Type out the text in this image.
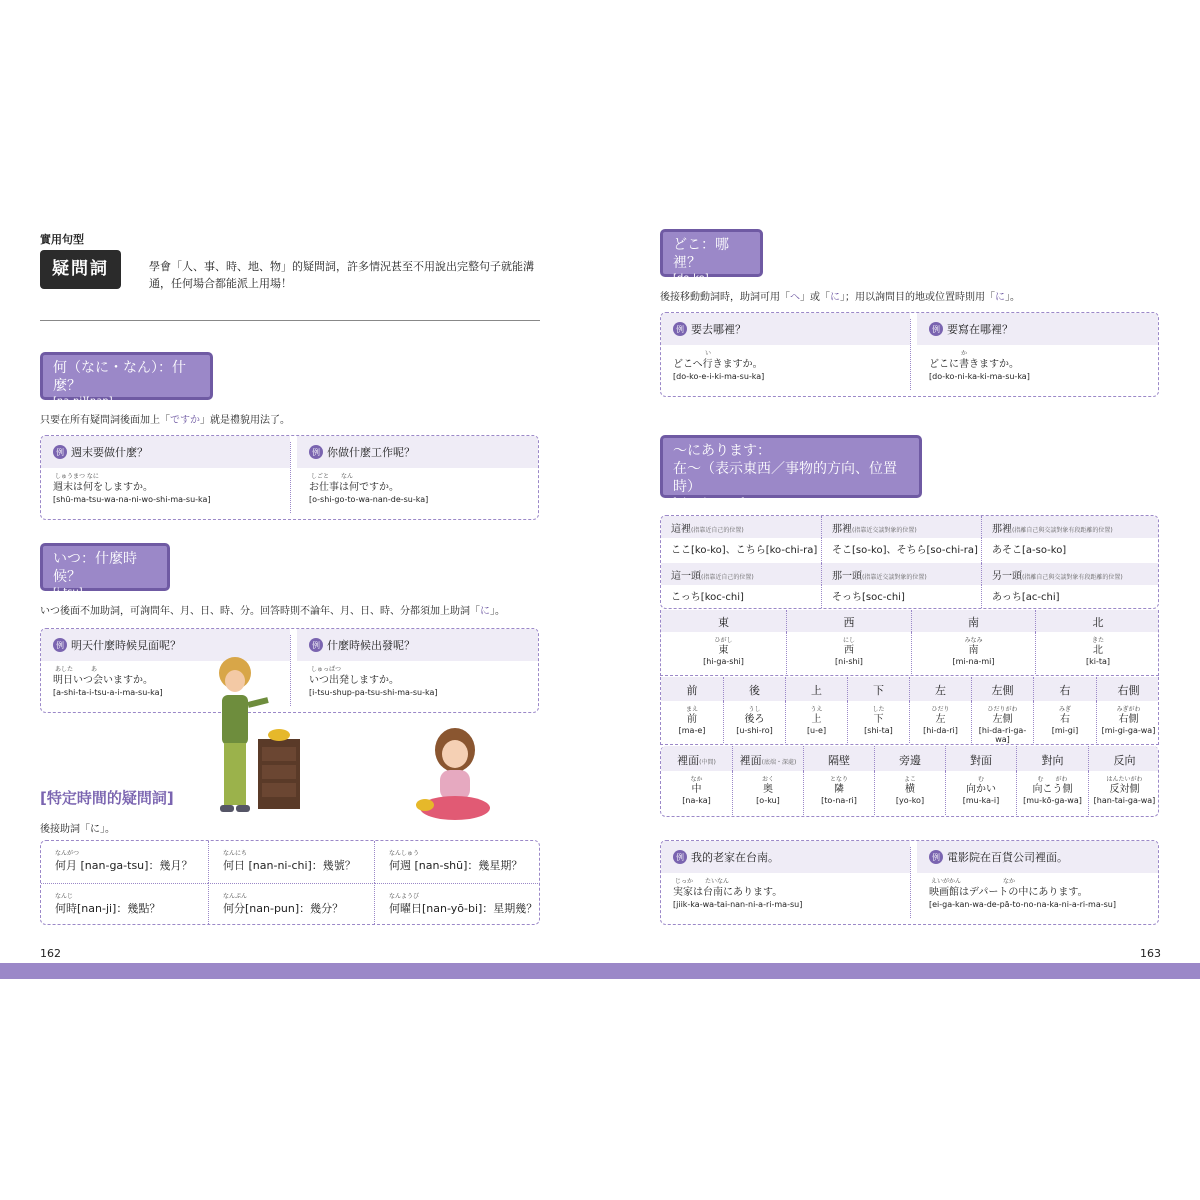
實用句型
疑問詞	學會「人、事、時、地、物」的疑問詞，許多情況甚至不用說出完整句子就能溝通，任何場合都能派上用場！
何（なに・なん）：什麼？
[na-ni][nan]
只要在所有疑問詞後面加上「ですか」就是禮貌用法了。
例 週末要做什麼？
しゅうまつ なに
週末は何をしますか。
[shū-ma-tsu-wa-na-ni-wo-shi-ma-su-ka]
例 你做什麼工作呢？
しごと　　なん
お仕事は何ですか。
[o-shi-go-to-wa-nan-de-su-ka]
いつ：什麼時候？
[i-tsu]
いつ後面不加助詞，可詢問年、月、日、時、分。回答時則不論年、月、日、時、分都須加上助詞「に」。
例 明天什麼時候見面呢？
あした　　　あ
明日いつ会いますか。
[a-shi-ta-i-tsu-a-i-ma-su-ka]
例 什麼時候出發呢？
しゅっぱつ
いつ出発しますか。
[i-tsu-shup-pa-tsu-shi-ma-su-ka]
[特定時間的疑問詞]
後接助詞「に」。
なんがつ
何月 [nan-ga-tsu]：幾月？
なんにち
何日 [nan-ni-chi]：幾號？
なんしゅう
何週 [nan-shū]：幾星期？
なんじ
何時[nan-ji]：幾點？
なんぷん
何分[nan-pun]：幾分？
なんようび
何曜日[nan-yō-bi]：星期幾？
162
どこ：哪裡？
[do-ko]
後接移動動詞時，助詞可用「へ」或「に」；用以詢問目的地或位置時則用「に」。
例 要去哪裡？
い
どこへ行きますか。
[do-ko-e-i-ki-ma-su-ka]
例 要寫在哪裡？
か
どこに書きますか。
[do-ko-ni-ka-ki-ma-su-ka]
〜にあります：
在〜（表示東西／事物的方向、位置時）
[ni-a-ri-ma-su]
這裡(指靠近自己的位置)
ここ[ko-ko]、こちら[ko-chi-ra]
那裡(指靠近交談對象的位置)
そこ[so-ko]、そちら[so-chi-ra]
那裡(指離自己與交談對象有段距離的位置)
あそこ[a-so-ko]
這一頭(指靠近自己的位置)
こっち[koc-chi]
那一頭(指靠近交談對象的位置)
そっち[soc-chi]
另一頭(指離自己與交談對象有段距離的位置)
あっち[ac-chi]
東
ひがし
東
[hi-ga-shi]
西
にし
西
[ni-shi]
南
みなみ
南
[mi-na-mi]
北
きた
北
[ki-ta]
前
まえ
前
[ma-e]
後
うし
後ろ
[u-shi-ro]
上
うえ
上
[u-e]
下
した
下
[shi-ta]
左
ひだり
左
[hi-da-ri]
左側
ひだりがわ
左側
[hi-da-ri-ga-wa]
右
みぎ
右
[mi-gi]
右側
みぎがわ
右側
[mi-gi-ga-wa]
裡面(中間)
なか
中
[na-ka]
裡面(底端・深處)
おく
奥
[o-ku]
隔壁
となり
隣
[to-na-ri]
旁邊
よこ
横
[yo-ko]
對面
む
向かい
[mu-ka-i]
對向
む　　がわ
向こう側
[mu-kō-ga-wa]
反向
はんたいがわ
反対側
[han-tai-ga-wa]
例 我的老家在台南。
じっか　　たいなん
実家は台南にあります。
[jiik-ka-wa-tai-nan-ni-a-ri-ma-su]
例 電影院在百貨公司裡面。
えいがかん　　　　　　　なか
映画館はデパートの中にあります。
[ei-ga-kan-wa-de-pā-to-no-na-ka-ni-a-ri-ma-su]
163
